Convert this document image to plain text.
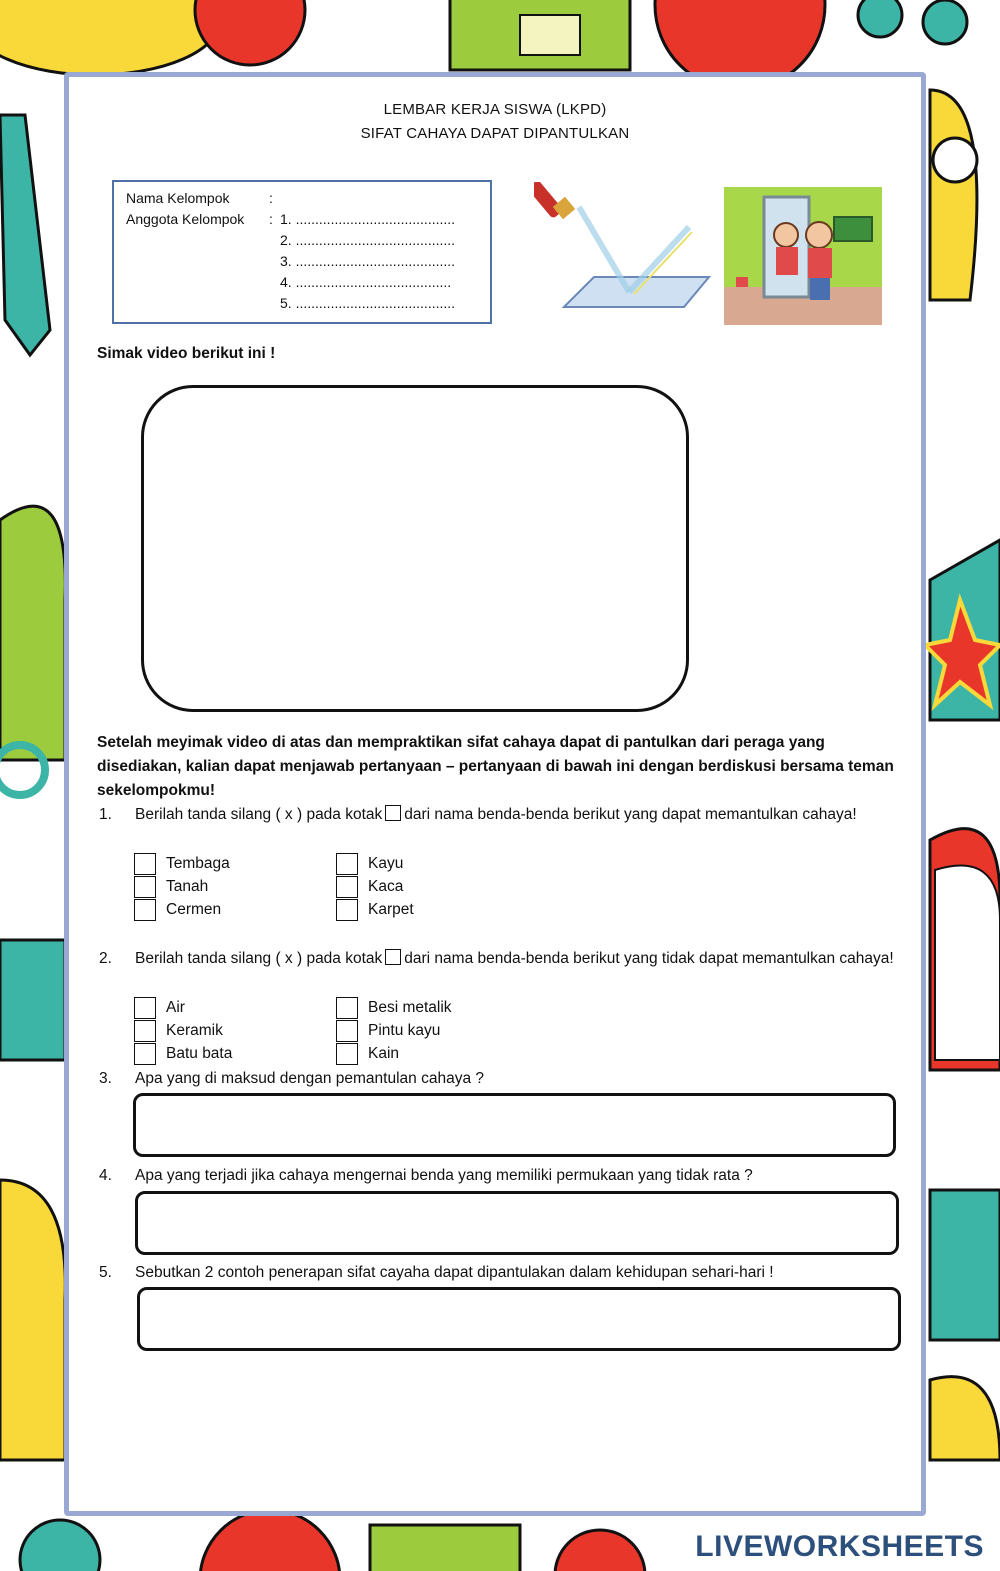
LEMBAR KERJA SISWA (LKPD)
SIFAT CAHAYA DAPAT DIPANTULKAN
Nama Kelompok	:
Anggota Kelompok : 1. .........................................
2. .........................................
3. .........................................
4. ........................................
5. .........................................
Simak video berikut ini !
Setelah meyimak video di atas dan mempraktikan sifat cahaya dapat di pantulkan dari peraga yang disediakan, kalian dapat menjawab pertanyaan – pertanyaan di bawah ini dengan berdiskusi bersama teman sekelompokmu!
1. Berilah tanda silang ( x ) pada kotak dari nama benda-benda berikut yang dapat memantulkan cahaya!
Tembaga
Tanah
Cermen
Kayu
Kaca
Karpet
2. Berilah tanda silang ( x ) pada kotak dari nama benda-benda berikut yang tidak dapat memantulkan cahaya!
Air
Keramik
Batu bata
Besi metalik
Pintu kayu
Kain
3. Apa yang di maksud dengan pemantulan cahaya ?
4. Apa yang terjadi jika cahaya mengernai benda yang memiliki permukaan yang tidak rata ?
5. Sebutkan 2 contoh penerapan sifat cayaha dapat dipantulakan dalam kehidupan sehari-hari !
LIVEWORKSHEETS
